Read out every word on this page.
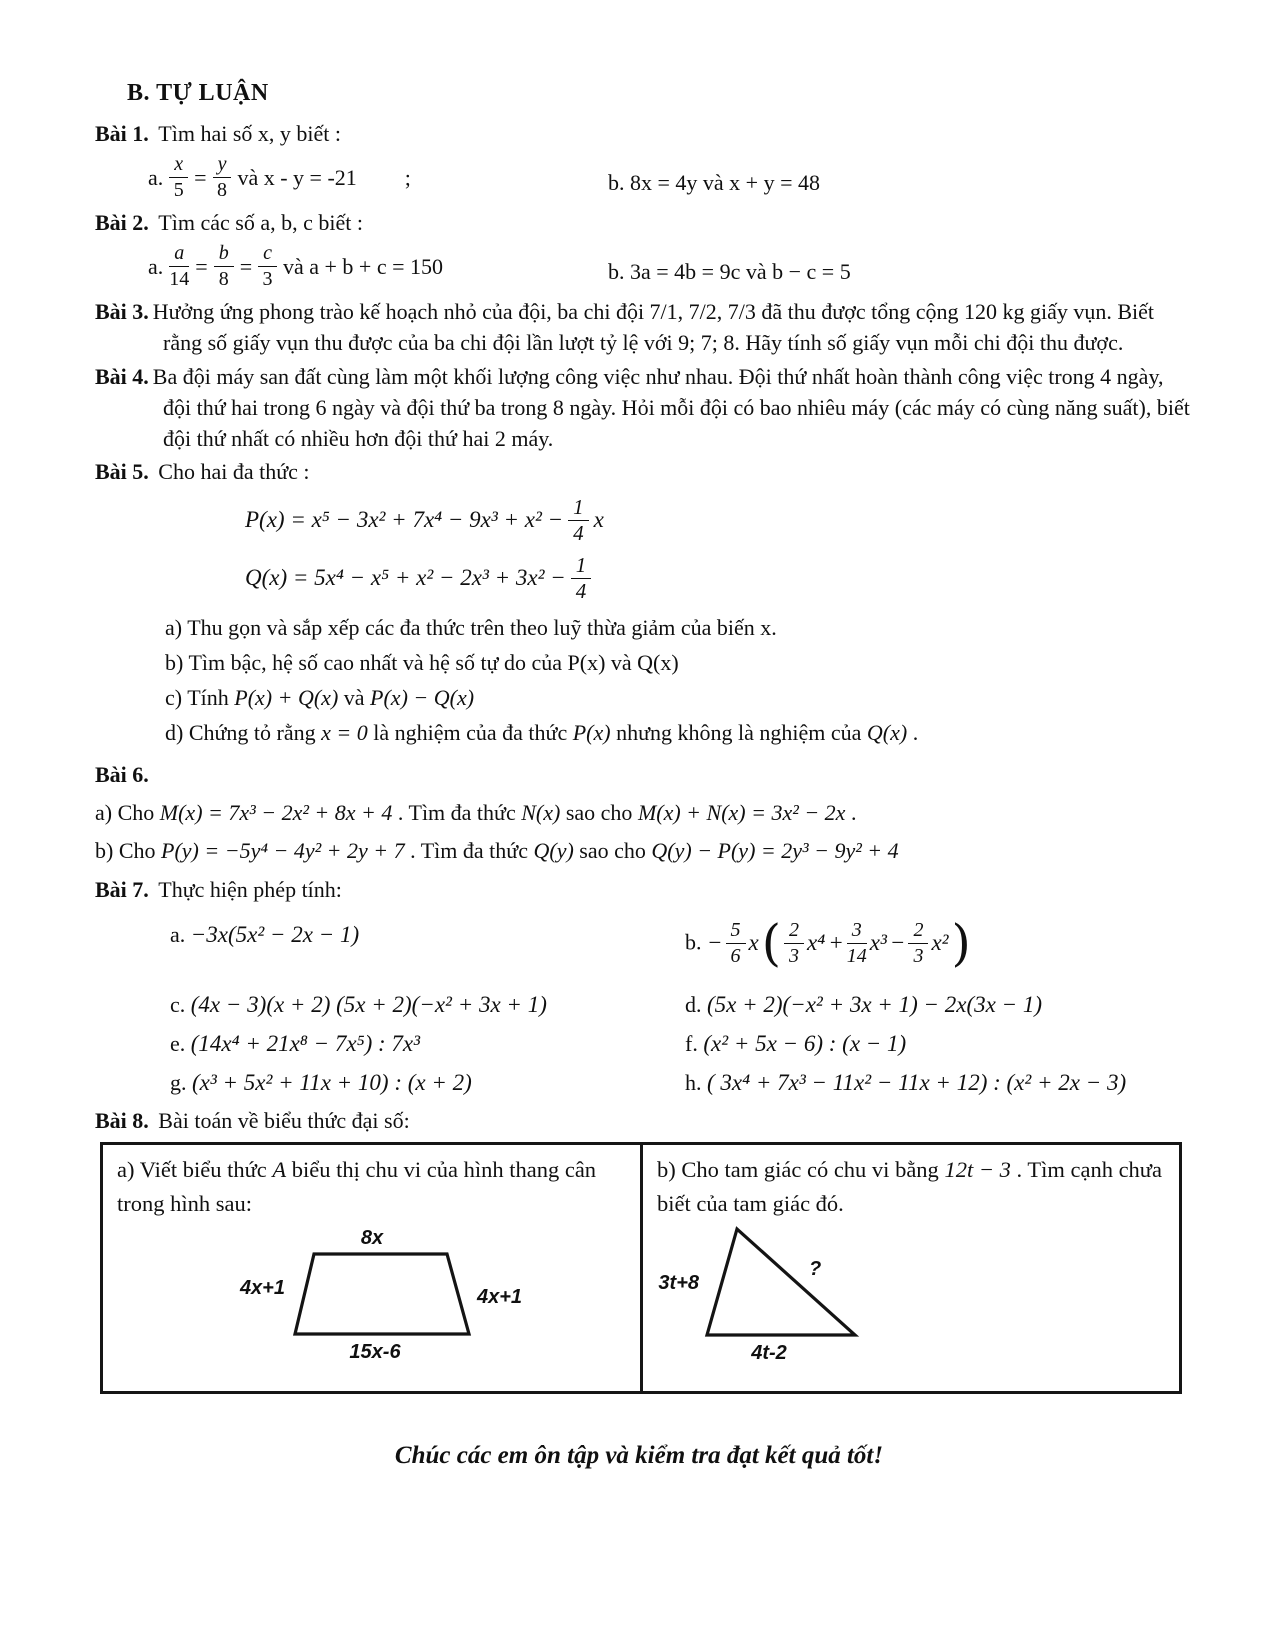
B. TỰ LUẬN
Bài 1. Tìm hai số x, y biết :
a. $\frac{x}{5} = \frac{y}{8}$ và x - y = -21 ;	b. 8x = 4y và x + y = 48
Bài 2. Tìm các số a, b, c biết :
a. $\frac{a}{14} = \frac{b}{8} = \frac{c}{3}$ và a + b + c = 150	b. 3a = 4b = 9c và b − c = 5
Bài 3. Hưởng ứng phong trào kế hoạch nhỏ của đội, ba chi đội 7/1, 7/2, 7/3 đã thu được tổng cộng 120 kg giấy vụn. Biết rằng số giấy vụn thu được của ba chi đội lần lượt tỷ lệ với 9; 7; 8. Hãy tính số giấy vụn mỗi chi đội thu được.
Bài 4. Ba đội máy san đất cùng làm một khối lượng công việc như nhau. Đội thứ nhất hoàn thành công việc trong 4 ngày, đội thứ hai trong 6 ngày và đội thứ ba trong 8 ngày. Hỏi mỗi đội có bao nhiêu máy (các máy có cùng năng suất), biết đội thứ nhất có nhiều hơn đội thứ hai 2 máy.
Bài 5. Cho hai đa thức :
$P(x) = x^5 - 3x^2 + 7x^4 - 9x^3 + x^2 - \frac{1}{4}$ x
$Q(x) = 5x^4 - x^5 + x^2 - 2x^3 + 3x^2 - \frac{1}{4}$
a) Thu gọn và sắp xếp các đa thức trên theo luỹ thừa giảm của biến x.
b) Tìm bậc, hệ số cao nhất và hệ số tự do của P(x) và Q(x)
c) Tính P(x) + Q(x) và P(x) − Q(x)
d) Chứng tỏ rằng x = 0 là nghiệm của đa thức P(x) nhưng không là nghiệm của Q(x) .
Bài 6.
a) Cho M(x) = 7x³ − 2x² + 8x + 4 . Tìm đa thức N(x) sao cho M(x) + N(x) = 3x² − 2x .
b) Cho P(y) = −5y⁴ − 4y² + 2y + 7 . Tìm đa thức Q(y) sao cho Q(y) − P(y) = 2y³ − 9y² + 4
Bài 7. Thực hiện phép tính:
a. −3x(5x² − 2x − 1)	b. − $\frac{5}{6}$ x ( $\frac{2}{3} x^4 + \frac{3}{14} x^3 - \frac{2}{3} x^2$ )
c. (4x − 3)(x + 2) (5x + 2)(−x² + 3x + 1)	d. (5x + 2)(−x² + 3x + 1) − 2x(3x − 1)
e. (14x⁴ + 21x⁸ − 7x⁵) : 7x³	f. (x² + 5x − 6) : (x − 1)
g. (x³ + 5x² + 11x + 10) : (x + 2)	h. ( 3x⁴ + 7x³ − 11x² − 11x + 12) : (x² + 2x − 3)
Bài 8. Bài toán về biểu thức đại số:
a) Viết biểu thức A biểu thị chu vi của hình thang cân trong hình sau:
8x
4x+1	4x+1
15x-6
b) Cho tam giác có chu vi bằng 12t − 3 . Tìm cạnh chưa biết của tam giác đó.
3t+8
?
4t-2
Chúc các em ôn tập và kiểm tra đạt kết quả tốt!
